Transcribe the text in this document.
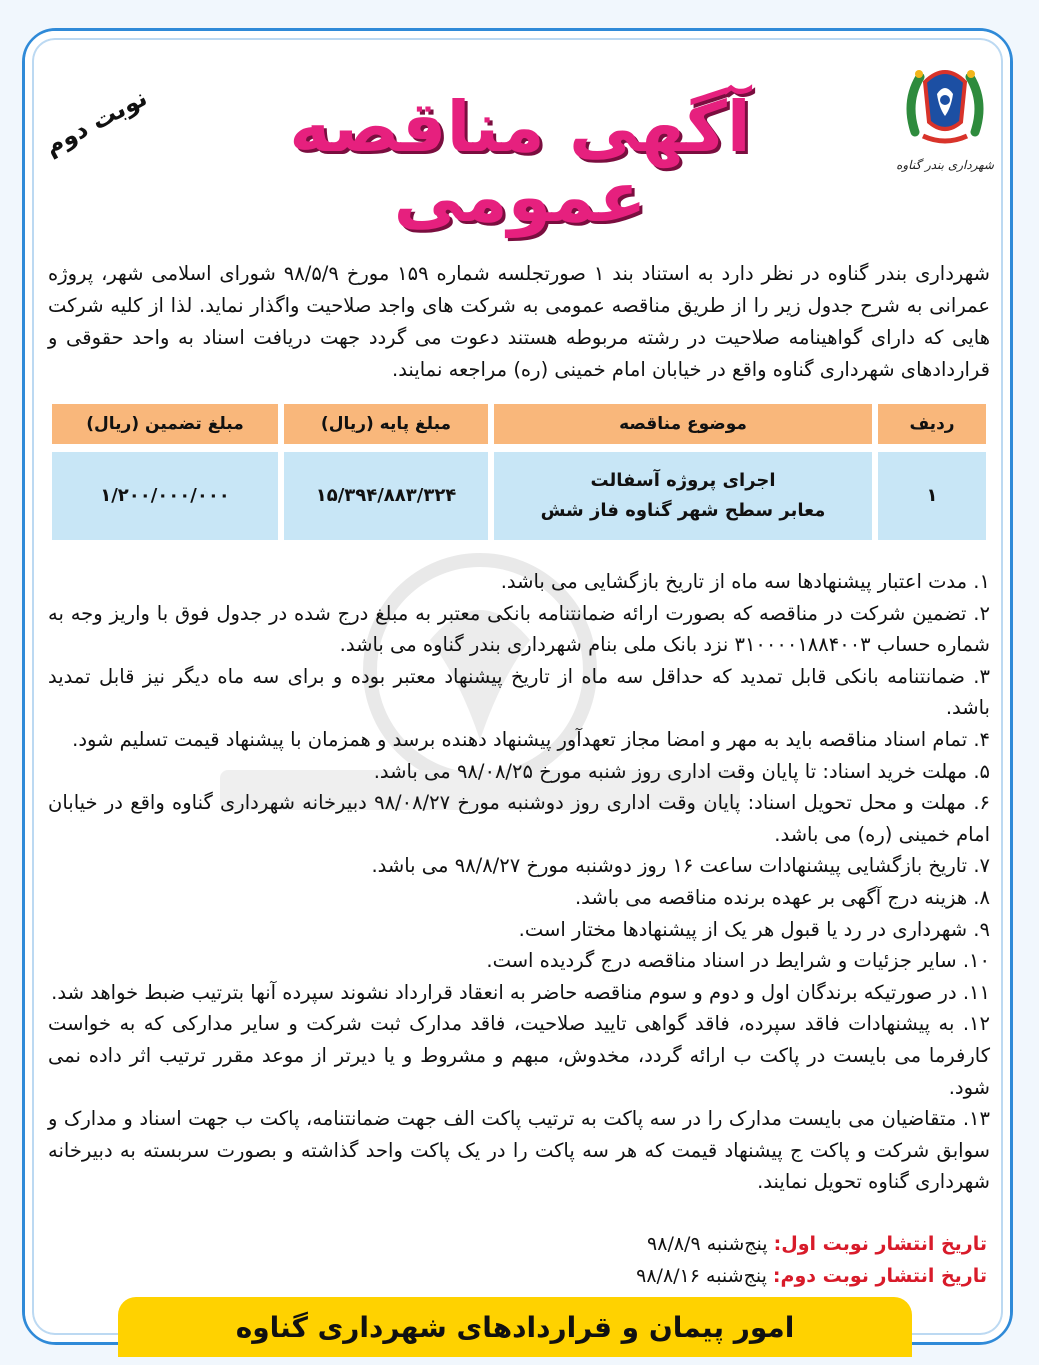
شهرداری بندر گناوه
آگهی مناقصه عمومی
نوبت دوم

شهرداری بندر گناوه در نظر دارد به استناد بند ۱ صورتجلسه شماره ۱۵۹ مورخ ۹۸/۵/۹ شورای اسلامی شهر، پروژه عمرانی به شرح جدول زیر را از طریق مناقصه عمومی به شرکت های واجد صلاحیت واگذار نماید. لذا از کلیه شرکت هایی که دارای گواهینامه صلاحیت در رشته مربوطه هستند دعوت می گردد جهت دریافت اسناد به واحد حقوقی و قراردادهای شهرداری گناوه واقع در خیابان امام خمینی (ره) مراجعه نمایند.

ردیف
موضوع مناقصه
مبلغ پایه (ریال)
مبلغ تضمین (ریال)
۱
اجرای پروژه آسفالت
معابر سطح شهر گناوه فاز شش
۱۵/۳۹۴/۸۸۳/۳۲۴
۱/۲۰۰/۰۰۰/۰۰۰

۱. مدت اعتبار پیشنهادها سه ماه از تاریخ بازگشایی می باشد.

۲. تضمین شرکت در مناقصه که بصورت ارائه ضمانتنامه بانکی معتبر به مبلغ درج شده در جدول فوق با واریز وجه به شماره حساب ۳۱۰۰۰۰۱۸۸۴۰۰۳ نزد بانک ملی بنام شهرداری بندر گناوه می باشد.

۳. ضمانتنامه بانکی قابل تمدید که حداقل سه ماه از تاریخ پیشنهاد معتبر بوده و برای سه ماه دیگر نیز قابل تمدید باشد.

۴. تمام اسناد مناقصه باید به مهر و امضا مجاز تعهدآور پیشنهاد دهنده برسد و همزمان با پیشنهاد قیمت تسلیم شود.

۵. مهلت خرید اسناد: تا پایان وقت اداری روز شنبه مورخ ۹۸/۰۸/۲۵ می باشد.

۶. مهلت و محل تحویل اسناد: پایان وقت اداری روز دوشنبه مورخ ۹۸/۰۸/۲۷ دبیرخانه شهرداری گناوه واقع در خیابان امام خمینی (ره) می باشد.

۷. تاریخ بازگشایی پیشنهادات ساعت ۱۶ روز دوشنبه مورخ ۹۸/۸/۲۷ می باشد.

۸. هزینه درج آگهی بر عهده برنده مناقصه می باشد.

۹. شهرداری در رد یا قبول هر یک از پیشنهادها مختار است.

۱۰. سایر جزئیات و شرایط در اسناد مناقصه درج گردیده است.

۱۱. در صورتیکه برندگان اول و دوم و سوم مناقصه حاضر به انعقاد قرارداد نشوند سپرده آنها بترتیب ضبط خواهد شد.

۱۲. به پیشنهادات فاقد سپرده، فاقد گواهی تایید صلاحیت، فاقد مدارک ثبت شرکت و سایر مدارکی که به خواست کارفرما می بایست در پاکت ب ارائه گردد، مخدوش، مبهم و مشروط و یا دیرتر از موعد مقرر ترتیب اثر داده نمی شود.

۱۳. متقاضیان می بایست مدارک را در سه پاکت به ترتیب پاکت الف جهت ضمانتنامه، پاکت ب جهت اسناد و مدارک و سوابق شرکت و پاکت ج پیشنهاد قیمت که هر سه پاکت را در یک پاکت واحد گذاشته و بصورت سربسته به دبیرخانه شهرداری گناوه تحویل نمایند.

تاریخ انتشار نوبت اول: پنج‌شنبه ۹۸/۸/۹

تاریخ انتشار نوبت دوم: پنج‌شنبه ۹۸/۸/۱۶

امور پیمان و قراردادهای شهرداری گناوه
